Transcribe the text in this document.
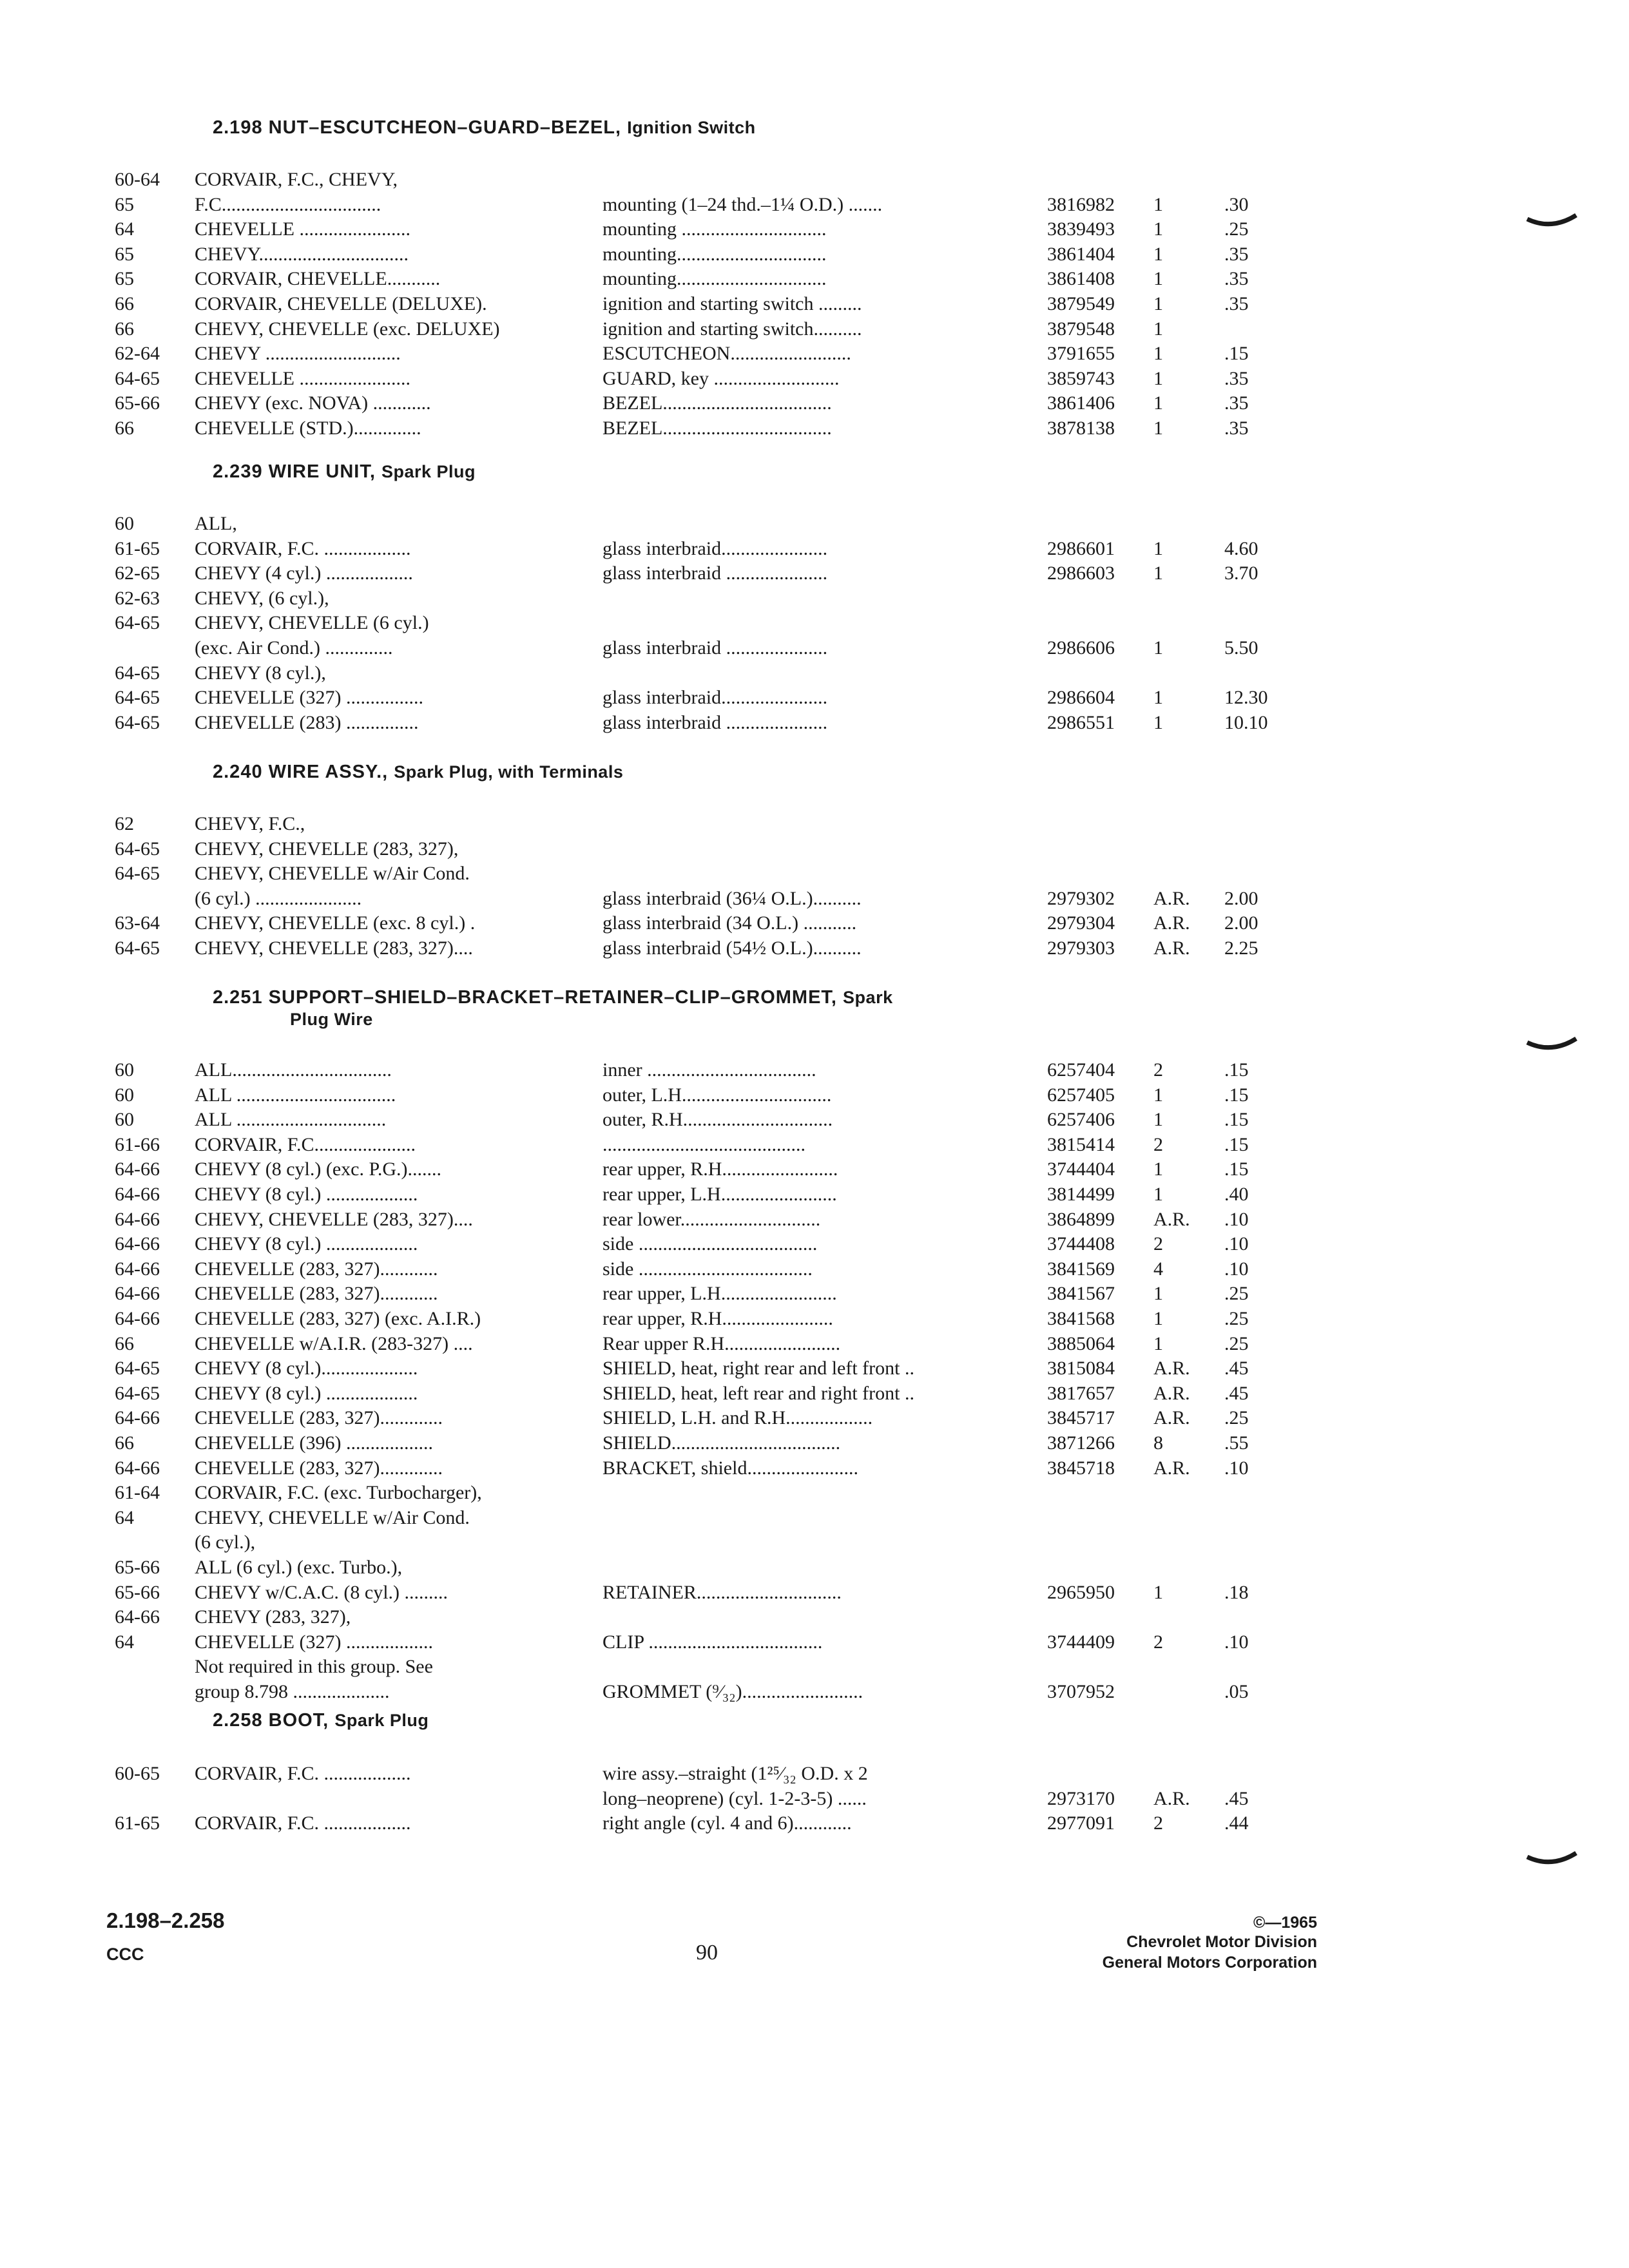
2.198 NUT–ESCUTCHEON–GUARD–BEZEL, Ignition Switch
60-64 CORVAIR, F.C., CHEVY,
65	F.C.................................	mounting (1–24 thd.–1¼ O.D.) .......	3816982 1	.30
64	CHEVELLE .......................	mounting ..............................	3839493 1	.25
65	CHEVY...............................	mounting...............................	3861404 1	.35
65	CORVAIR, CHEVELLE...........	mounting...............................	3861408 1	.35
66	CORVAIR, CHEVELLE (DELUXE).	ignition and starting switch .........	3879549 1	.35
66	CHEVY, CHEVELLE (exc. DELUXE)	ignition and starting switch..........	3879548 1
62-64 CHEVY ............................	ESCUTCHEON.........................	3791655 1	.15
64-65 CHEVELLE .......................	GUARD, key ..........................	3859743 1	.35
65-66 CHEVY (exc. NOVA) ............	BEZEL...................................	3861406 1	.35
66	CHEVELLE (STD.)..............	BEZEL...................................	3878138 1	.35
2.239 WIRE UNIT, Spark Plug
60	ALL,
61-65 CORVAIR, F.C. ..................	glass interbraid......................	2986601 1	4.60
62-65 CHEVY (4 cyl.) ..................	glass interbraid .....................	2986603 1	3.70
62-63 CHEVY, (6 cyl.),
64-65 CHEVY, CHEVELLE (6 cyl.)
(exc. Air Cond.) ..............	glass interbraid .....................	2986606 1	5.50
64-65 CHEVY (8 cyl.),
64-65 CHEVELLE (327) ................	glass interbraid......................	2986604 1	12.30
64-65 CHEVELLE (283) ...............	glass interbraid .....................	2986551 1	10.10
2.240 WIRE ASSY., Spark Plug, with Terminals
62	CHEVY, F.C.,
64-65 CHEVY, CHEVELLE (283, 327),
64-65 CHEVY, CHEVELLE w/Air Cond.
(6 cyl.) ......................	glass interbraid (36¼ O.L.)..........	2979302 A.R. 2.00
63-64 CHEVY, CHEVELLE (exc. 8 cyl.) .	glass interbraid (34 O.L.) ...........	2979304 A.R. 2.00
64-65 CHEVY, CHEVELLE (283, 327)....	glass interbraid (54½ O.L.)..........	2979303 A.R. 2.25
2.251 SUPPORT–SHIELD–BRACKET–RETAINER–CLIP–GROMMET, Spark
Plug Wire
60	ALL.................................	inner ...................................	6257404 2	.15
60	ALL .................................	outer, L.H...............................	6257405 1	.15
60	ALL ...............................	outer, R.H...............................	6257406 1	.15
61-66 CORVAIR, F.C.....................	..........................................	3815414 2	.15
64-66 CHEVY (8 cyl.) (exc. P.G.).......	rear upper, R.H........................	3744404 1	.15
64-66 CHEVY (8 cyl.) ...................	rear upper, L.H........................	3814499 1	.40
64-66 CHEVY, CHEVELLE (283, 327)....	rear lower.............................	3864899 A.R. .10
64-66 CHEVY (8 cyl.) ...................	side .....................................	3744408 2	.10
64-66 CHEVELLE (283, 327)............	side ....................................	3841569 4	.10
64-66 CHEVELLE (283, 327)............	rear upper, L.H........................	3841567 1	.25
64-66 CHEVELLE (283, 327) (exc. A.I.R.)	rear upper, R.H.......................	3841568 1	.25
66	CHEVELLE w/A.I.R. (283-327) ....	Rear upper R.H........................	3885064 1	.25
64-65 CHEVY (8 cyl.)....................	SHIELD, heat, right rear and left front ..	3815084 A.R. .45
64-65 CHEVY (8 cyl.) ...................	SHIELD, heat, left rear and right front ..	3817657 A.R. .45
64-66 CHEVELLE (283, 327).............	SHIELD, L.H. and R.H..................	3845717 A.R. .25
66	CHEVELLE (396) ..................	SHIELD...................................	3871266 8	.55
64-66 CHEVELLE (283, 327).............	BRACKET, shield.......................	3845718 A.R. .10
61-64 CORVAIR, F.C. (exc. Turbocharger),
64	CHEVY, CHEVELLE w/Air Cond.
(6 cyl.),
65-66 ALL (6 cyl.) (exc. Turbo.),
65-66 CHEVY w/C.A.C. (8 cyl.) .........	RETAINER..............................	2965950 1	.18
64-66 CHEVY (283, 327),
64	CHEVELLE (327) ..................	CLIP ....................................	3744409 2	.10
Not required in this group. See
group 8.798 ....................	GROMMET (⁹⁄₃₂).........................	3707952	.05
2.258 BOOT, Spark Plug
60-65 CORVAIR, F.C. ..................	wire assy.–straight (1²⁵⁄₃₂ O.D. x 2
long–neoprene) (cyl. 1-2-3-5) ......	2973170 A.R. .45
61-65 CORVAIR, F.C. ..................	right angle (cyl. 4 and 6)............	2977091 2	.44
2.198–2.258
CCC	90
©—1965
Chevrolet Motor Division
General Motors Corporation
